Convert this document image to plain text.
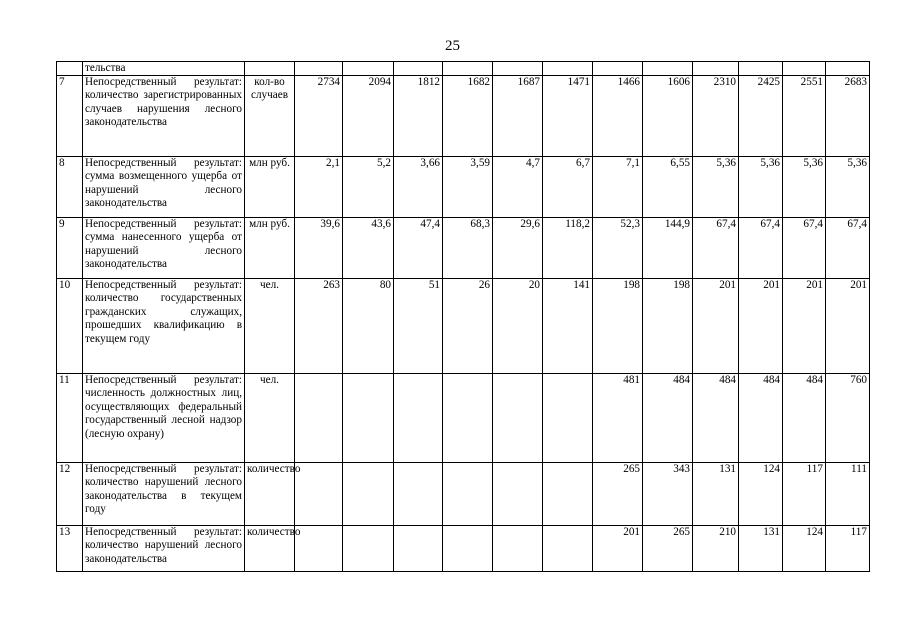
25
	тельства													
7	Непосредственный результат: количество зарегистрированных случаев нарушения лесного законодательства	кол-во случаев	2734	2094	1812	1682	1687	1471	1466	1606	2310	2425	2551	2683
8	Непосредственный результат: сумма возмещенного ущерба от нарушений лесного законодательства	млн руб.	2,1	5,2	3,66	3,59	4,7	6,7	7,1	6,55	5,36	5,36	5,36	5,36
9	Непосредственный результат: сумма нанесенного ущерба от нарушений лесного законодательства	млн руб.	39,6	43,6	47,4	68,3	29,6	118,2	52,3	144,9	67,4	67,4	67,4	67,4
10	Непосредственный результат: количество государственных гражданских служащих, прошедших квалификацию в текущем году	чел.	263	80	51	26	20	141	198	198	201	201	201	201
11	Непосредственный результат: численность должностных лиц, осуществляющих федеральный государственный лесной надзор (лесную охрану)	чел.							481	484	484	484	484	760
12	Непосредственный результат: количество нарушений лесного законодательства в текущем году	количество							265	343	131	124	117	111
13	Непосредственный результат: количество нарушений лесного законодательства	количество							201	265	210	131	124	117
